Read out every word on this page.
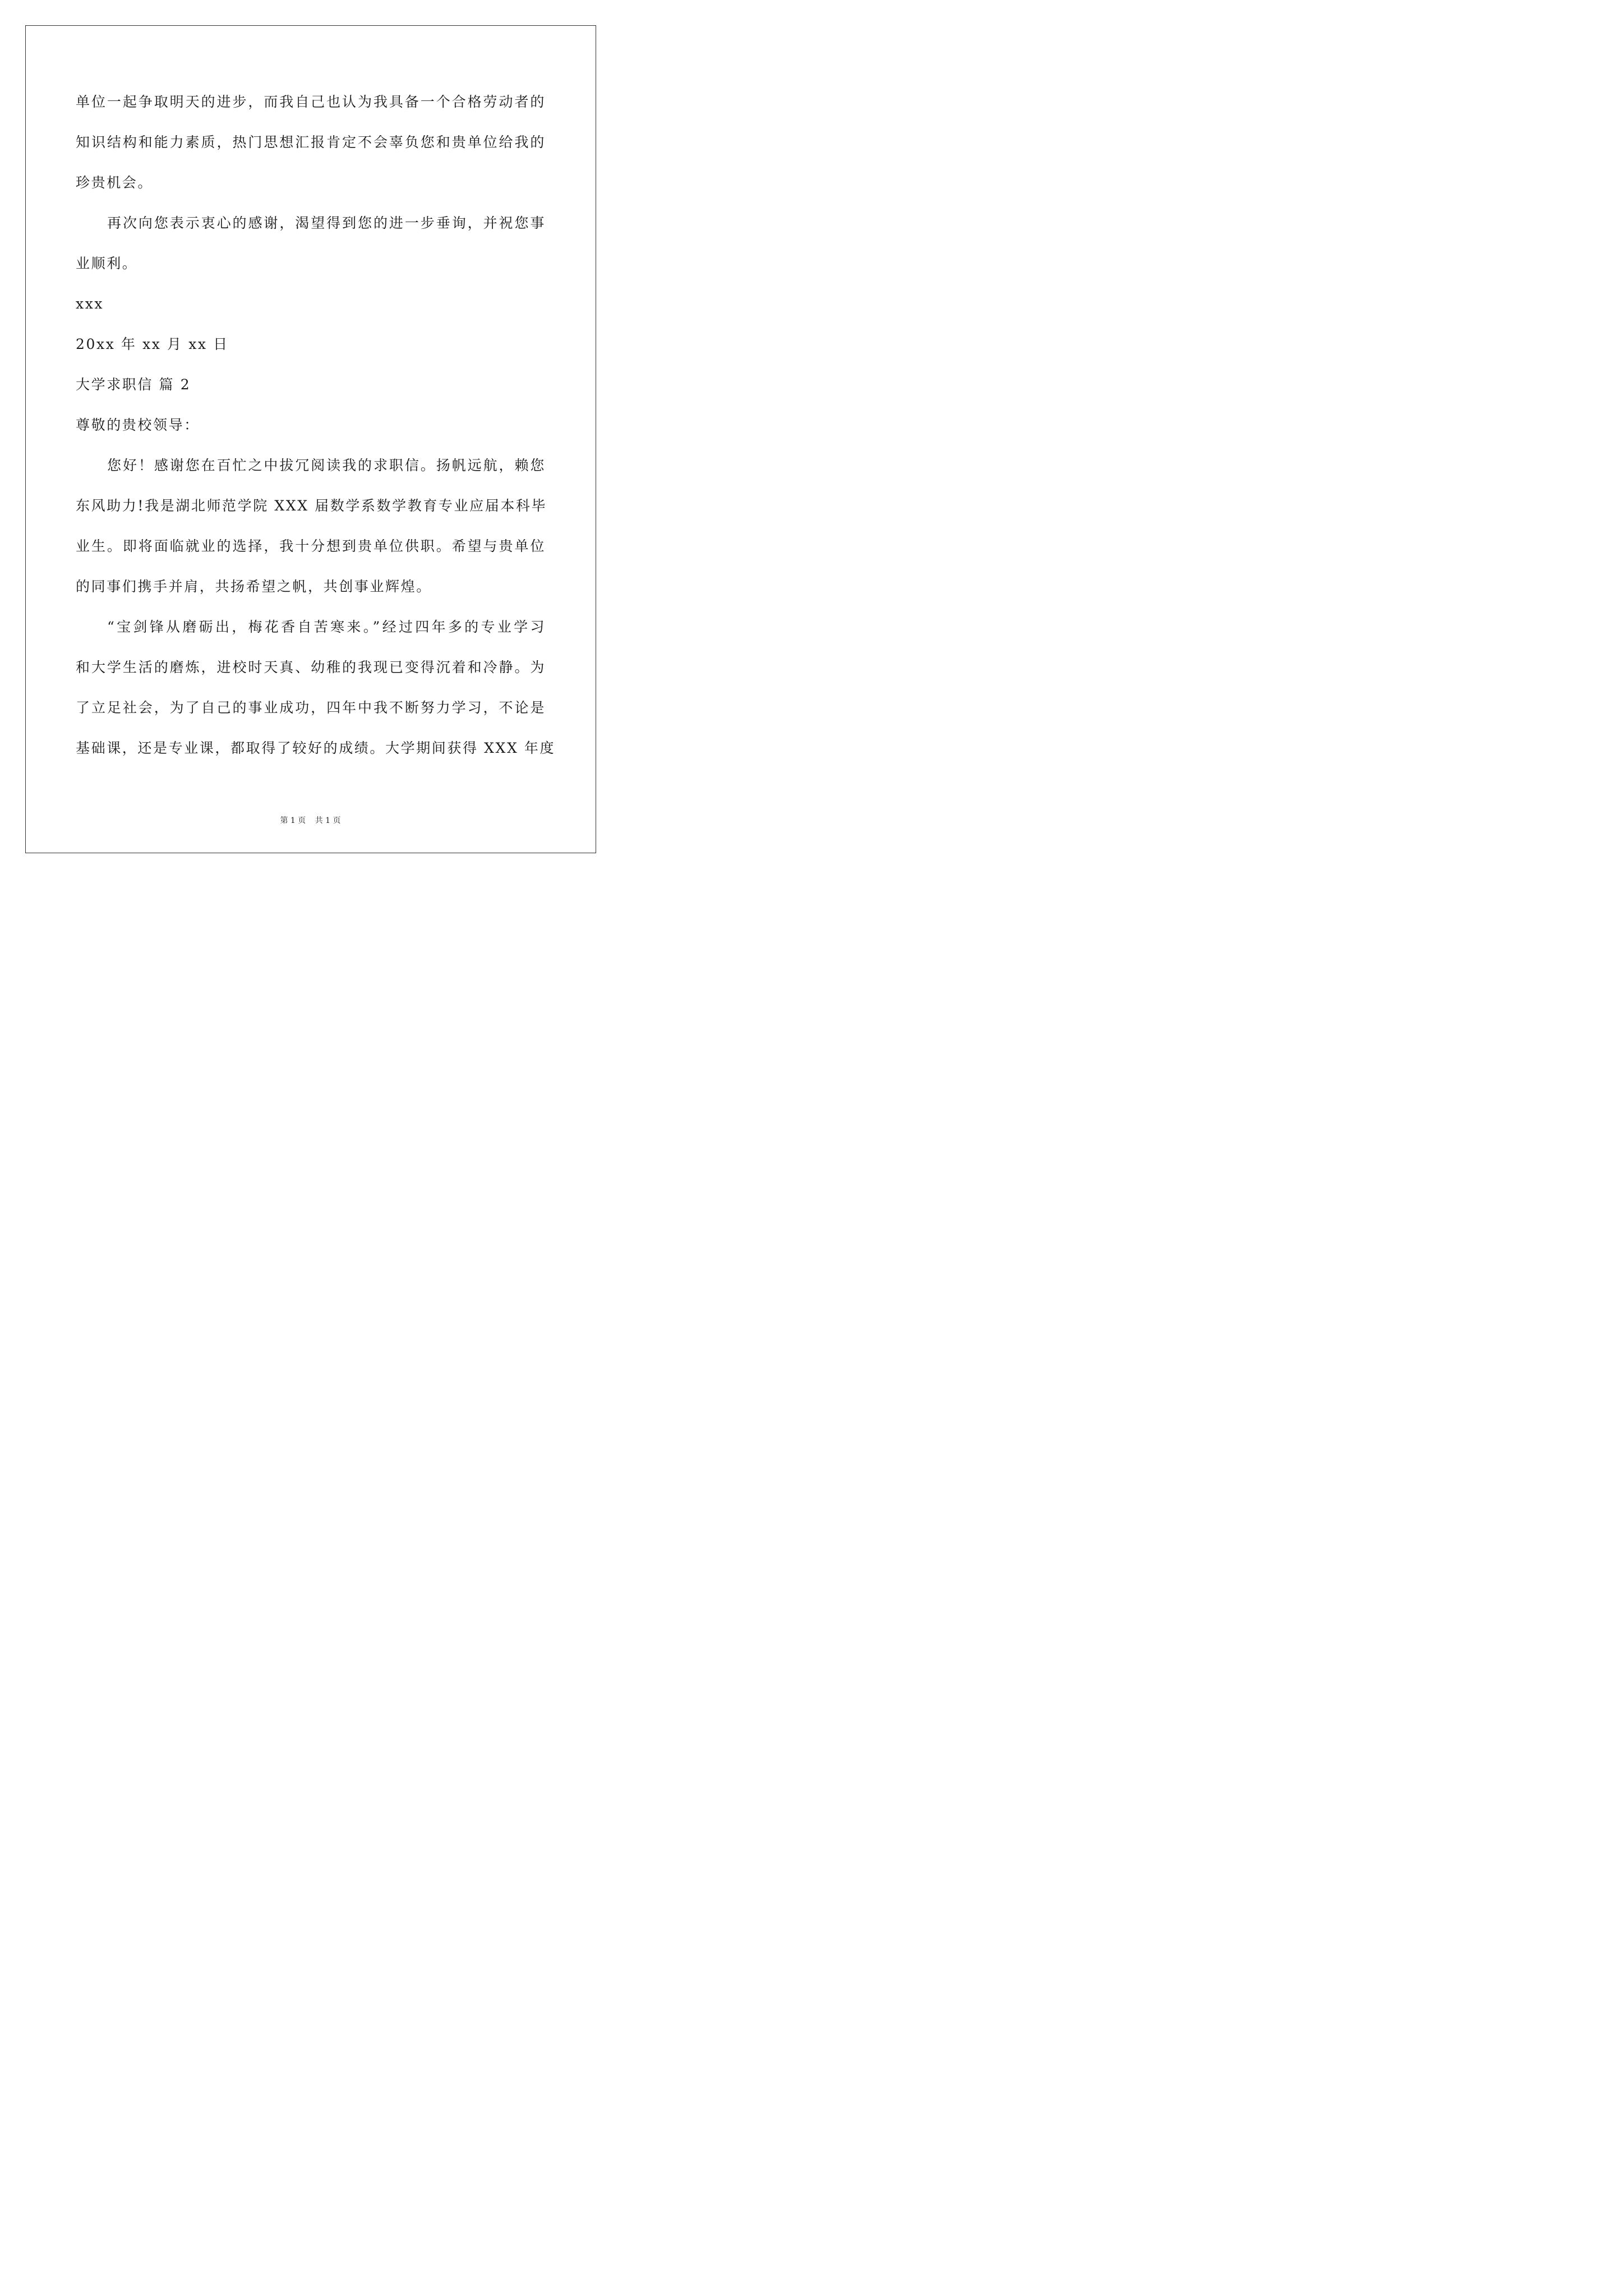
单位一起争取明天的进步，而我自己也认为我具备一个合格劳动者的
知识结构和能力素质，热门思想汇报肯定不会辜负您和贵单位给我的
珍贵机会。
再次向您表示衷心的感谢，渴望得到您的进一步垂询，并祝您事
业顺利。
xxx
20xx 年 xx 月 xx 日
大学求职信 篇 2
尊敬的贵校领导：
您好！感谢您在百忙之中拔冗阅读我的求职信。扬帆远航，赖您
东风助力!我是湖北师范学院 XXX 届数学系数学教育专业应届本科毕
业生。即将面临就业的选择，我十分想到贵单位供职。希望与贵单位
的同事们携手并肩，共扬希望之帆，共创事业辉煌。
“宝剑锋从磨砺出，梅花香自苦寒来。”经过四年多的专业学习
和大学生活的磨炼，进校时天真、幼稚的我现已变得沉着和冷静。为
了立足社会，为了自己的事业成功，四年中我不断努力学习，不论是
基础课，还是专业课，都取得了较好的成绩。大学期间获得 XXX 年度
第 1 页 共 1 页
